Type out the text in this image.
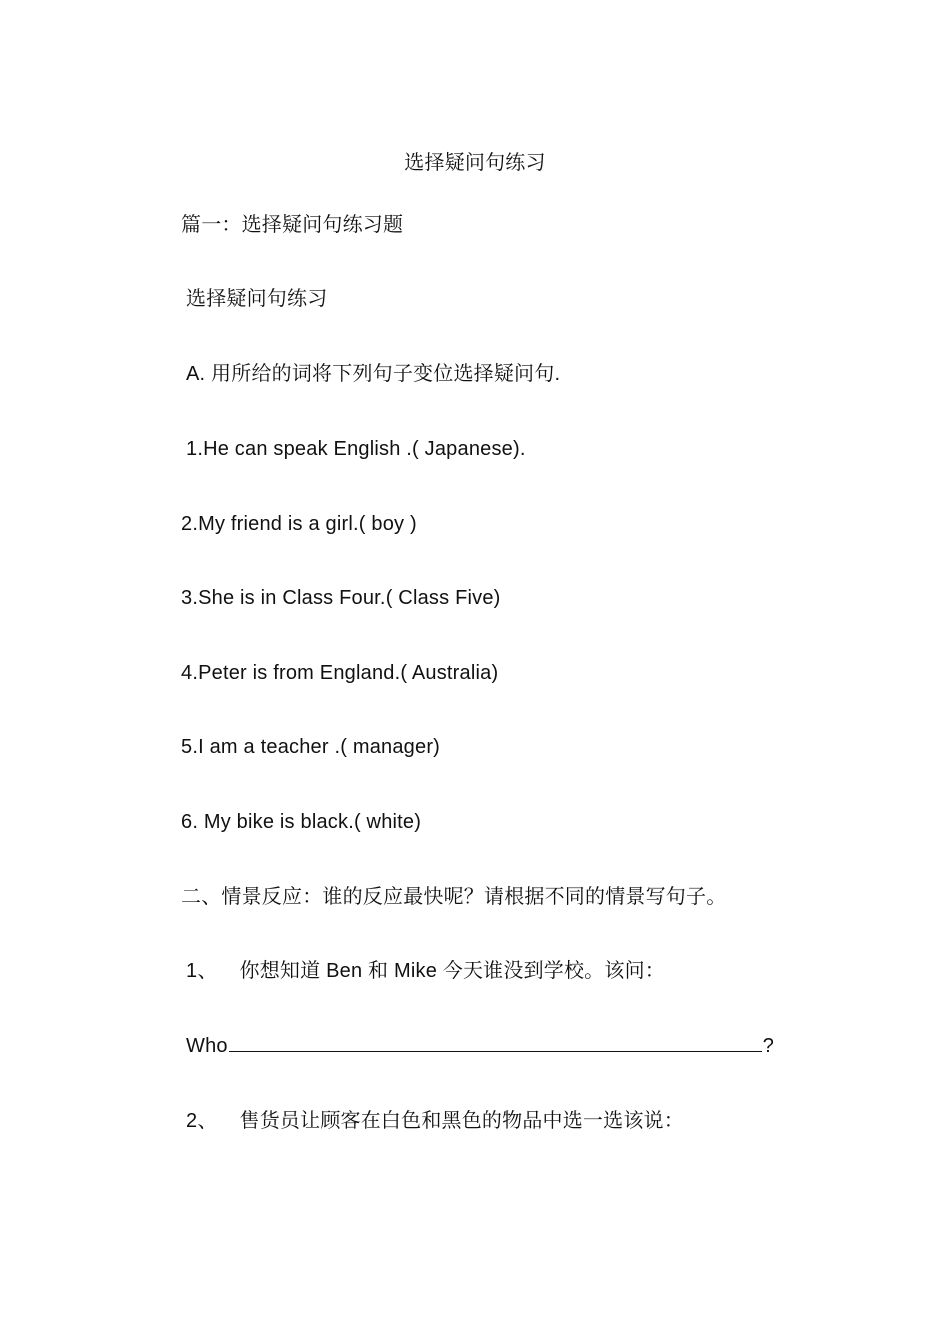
选择疑问句练习
篇一：选择疑问句练习题
选择疑问句练习
A. 用所给的词将下列句子变位选择疑问句.
1.He can speak English .( Japanese).
2.My friend is a girl.( boy )
3.She is in Class Four.( Class Five)
4.Peter is from England.( Australia)
5.I am a teacher .( manager)
6. My bike is black.( white)
二、情景反应：谁的反应最快呢？请根据不同的情景写句子。
1、 你想知道 Ben 和 Mike 今天谁没到学校。该问：
Who	?
2、 售货员让顾客在白色和黑色的物品中选一选该说：
